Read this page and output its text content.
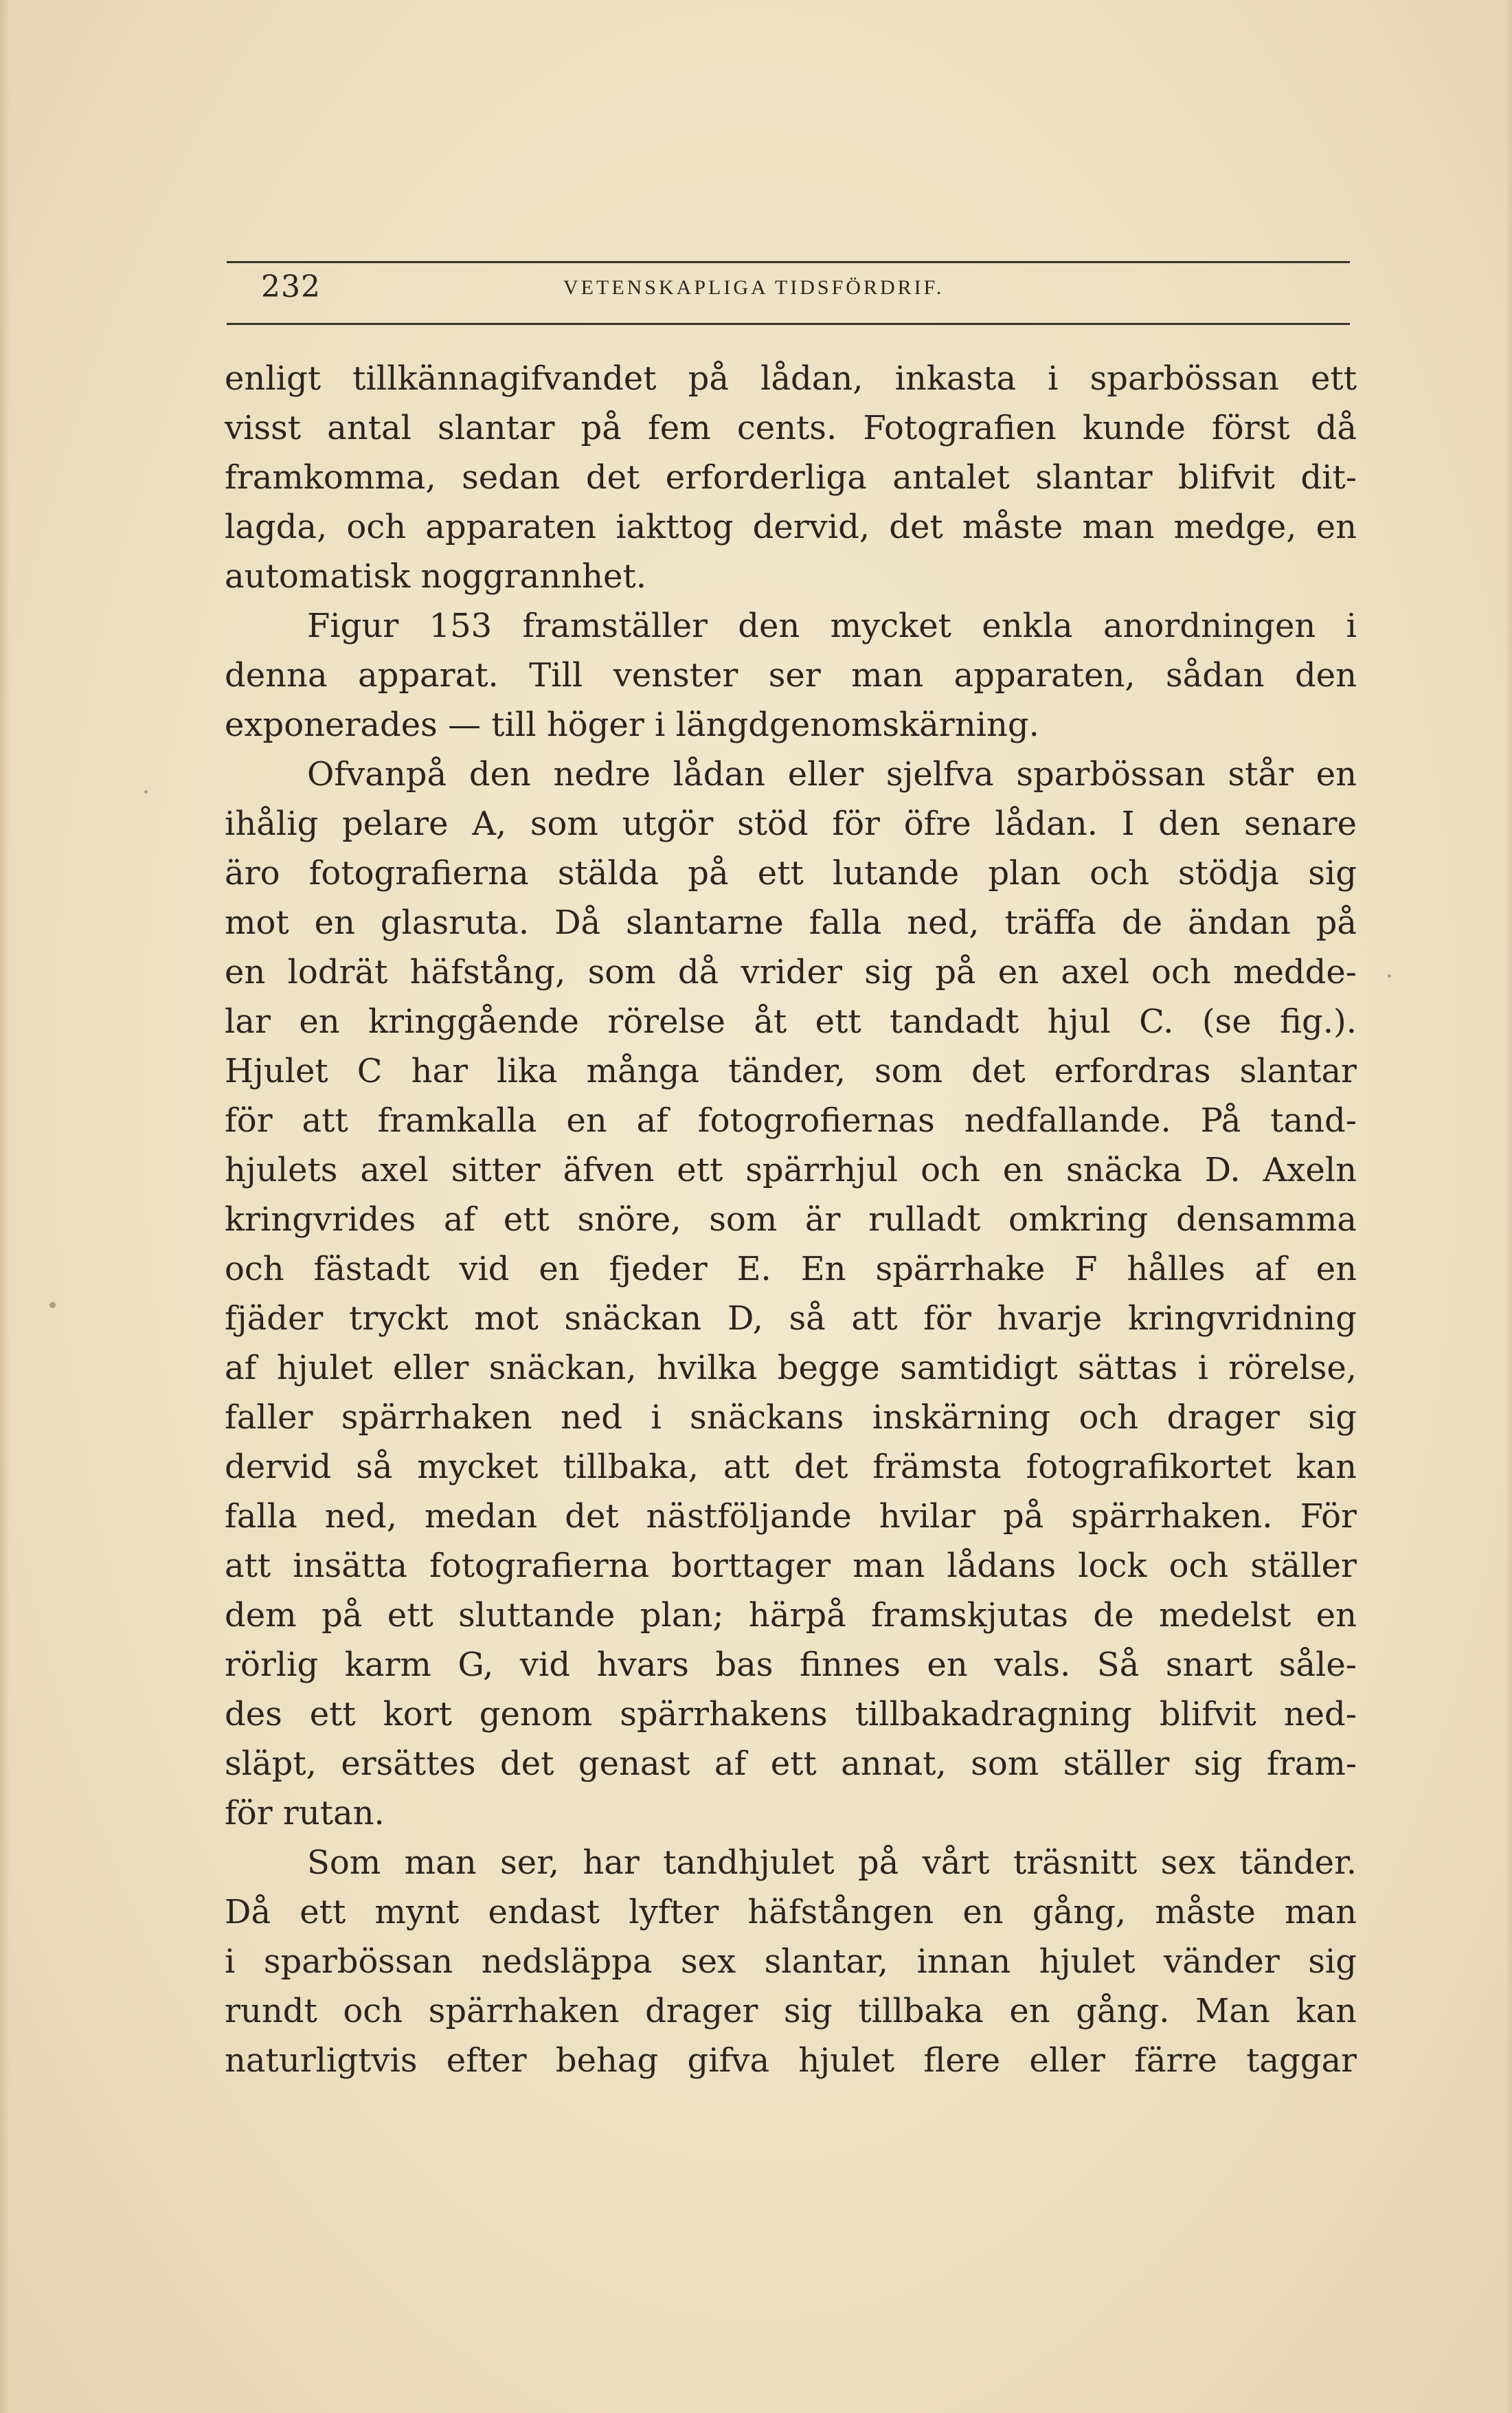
232	VETENSKAPLIGA TIDSFÖRDRIF.
enligt tillkännagifvandet på lådan, inkasta i sparbössan ett
visst antal slantar på fem cents. Fotografien kunde först då
framkomma, sedan det erforderliga antalet slantar blifvit dit-
lagda, och apparaten iakttog dervid, det måste man medge, en
automatisk noggrannhet.
Figur 153 framställer den mycket enkla anordningen i
denna apparat. Till venster ser man apparaten, sådan den
exponerades — till höger i längdgenomskärning.
Ofvanpå den nedre lådan eller sjelfva sparbössan står en
ihålig pelare A, som utgör stöd för öfre lådan. I den senare
äro fotografierna stälda på ett lutande plan och stödja sig
mot en glasruta. Då slantarne falla ned, träffa de ändan på
en lodrät häfstång, som då vrider sig på en axel och medde-
lar en kringgående rörelse åt ett tandadt hjul C. (se fig.).
Hjulet C har lika många tänder, som det erfordras slantar
för att framkalla en af fotogrofiernas nedfallande. På tand-
hjulets axel sitter äfven ett spärrhjul och en snäcka D. Axeln
kringvrides af ett snöre, som är rulladt omkring densamma
och fästadt vid en fjeder E. En spärrhake F hålles af en
fjäder tryckt mot snäckan D, så att för hvarje kringvridning
af hjulet eller snäckan, hvilka begge samtidigt sättas i rörelse,
faller spärrhaken ned i snäckans inskärning och drager sig
dervid så mycket tillbaka, att det främsta fotografikortet kan
falla ned, medan det nästföljande hvilar på spärrhaken. För
att insätta fotografierna borttager man lådans lock och ställer
dem på ett sluttande plan; härpå framskjutas de medelst en
rörlig karm G, vid hvars bas finnes en vals. Så snart såle-
des ett kort genom spärrhakens tillbakadragning blifvit ned-
släpt, ersättes det genast af ett annat, som ställer sig fram-
för rutan.
Som man ser, har tandhjulet på vårt träsnitt sex tänder.
Då ett mynt endast lyfter häfstången en gång, måste man
i sparbössan nedsläppa sex slantar, innan hjulet vänder sig
rundt och spärrhaken drager sig tillbaka en gång. Man kan
naturligtvis efter behag gifva hjulet flere eller färre taggar
